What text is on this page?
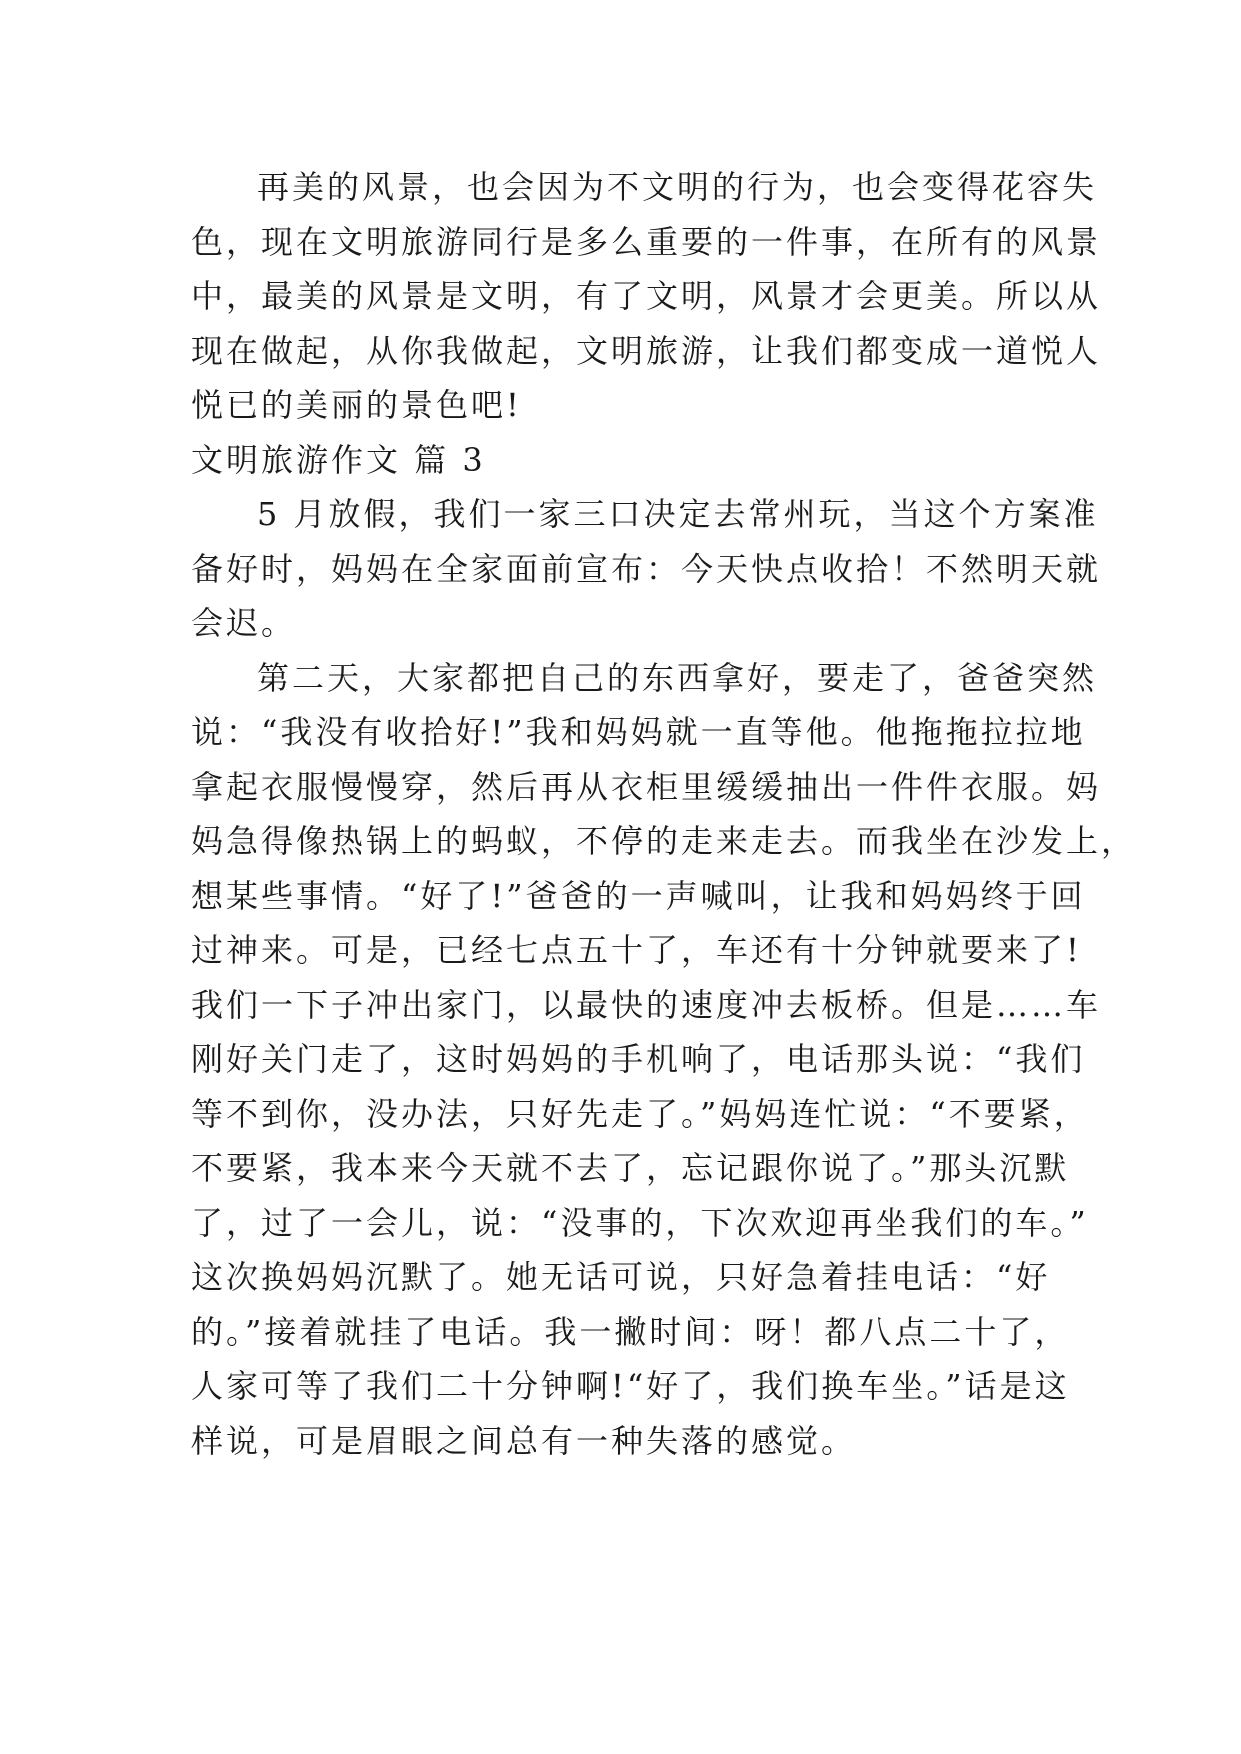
再美的风景，也会因为不文明的行为，也会变得花容失
色，现在文明旅游同行是多么重要的一件事，在所有的风景
中，最美的风景是文明，有了文明，风景才会更美。所以从
现在做起，从你我做起，文明旅游，让我们都变成一道悦人
悦已的美丽的景色吧!
文明旅游作文 篇 3
5 月放假，我们一家三口决定去常州玩，当这个方案准
备好时，妈妈在全家面前宣布：今天快点收拾！不然明天就
会迟。
第二天，大家都把自己的东西拿好，要走了，爸爸突然
说：“我没有收拾好!”我和妈妈就一直等他。他拖拖拉拉地
拿起衣服慢慢穿，然后再从衣柜里缓缓抽出一件件衣服。妈
妈急得像热锅上的蚂蚁，不停的走来走去。而我坐在沙发上，
想某些事情。“好了!”爸爸的一声喊叫，让我和妈妈终于回
过神来。可是，已经七点五十了，车还有十分钟就要来了!
我们一下子冲出家门，以最快的速度冲去板桥。但是……车
刚好关门走了，这时妈妈的手机响了，电话那头说：“我们
等不到你，没办法，只好先走了。”妈妈连忙说：“不要紧，
不要紧，我本来今天就不去了，忘记跟你说了。”那头沉默
了，过了一会儿，说：“没事的，下次欢迎再坐我们的车。”
这次换妈妈沉默了。她无话可说，只好急着挂电话：“好
的。”接着就挂了电话。我一撇时间：呀！都八点二十了，
人家可等了我们二十分钟啊!“好了，我们换车坐。”话是这
样说，可是眉眼之间总有一种失落的感觉。
